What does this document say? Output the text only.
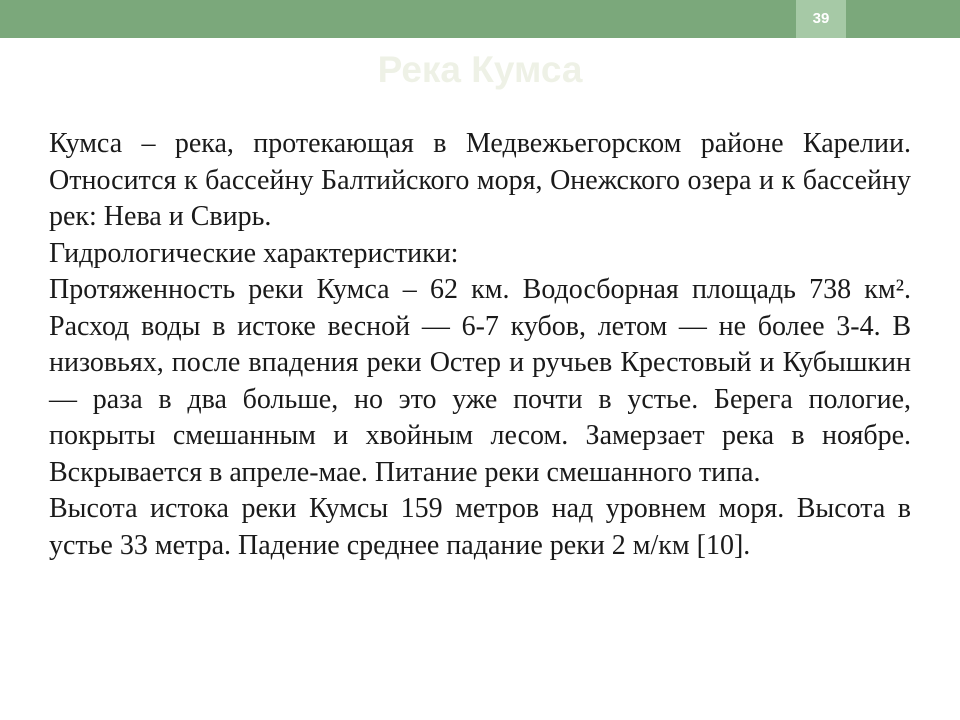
39
Река Кумса

Кумса – река, протекающая в Медвежьегорском районе Карелии. Относится к бассейну Балтийского моря, Онежского озера и к бассейну рек: Нева и Свирь.

Гидрологические характеристики:

Протяженность реки Кумса – 62 км. Водосборная площадь 738 км². Расход воды в истоке весной — 6-7 кубов, летом — не более 3-4. В низовьях, после впадения реки Остер и ручьев Крестовый и Кубышкин — раза в два больше, но это уже почти в устье. Берега пологие, покрыты смешанным и хвойным лесом. Замерзает река в ноябре. Вскрывается в апреле-мае. Питание реки смешанного типа.

Высота истока реки Кумсы 159 метров над уровнем моря. Высота в устье 33 метра. Падение среднее падание реки 2 м/км [10].
